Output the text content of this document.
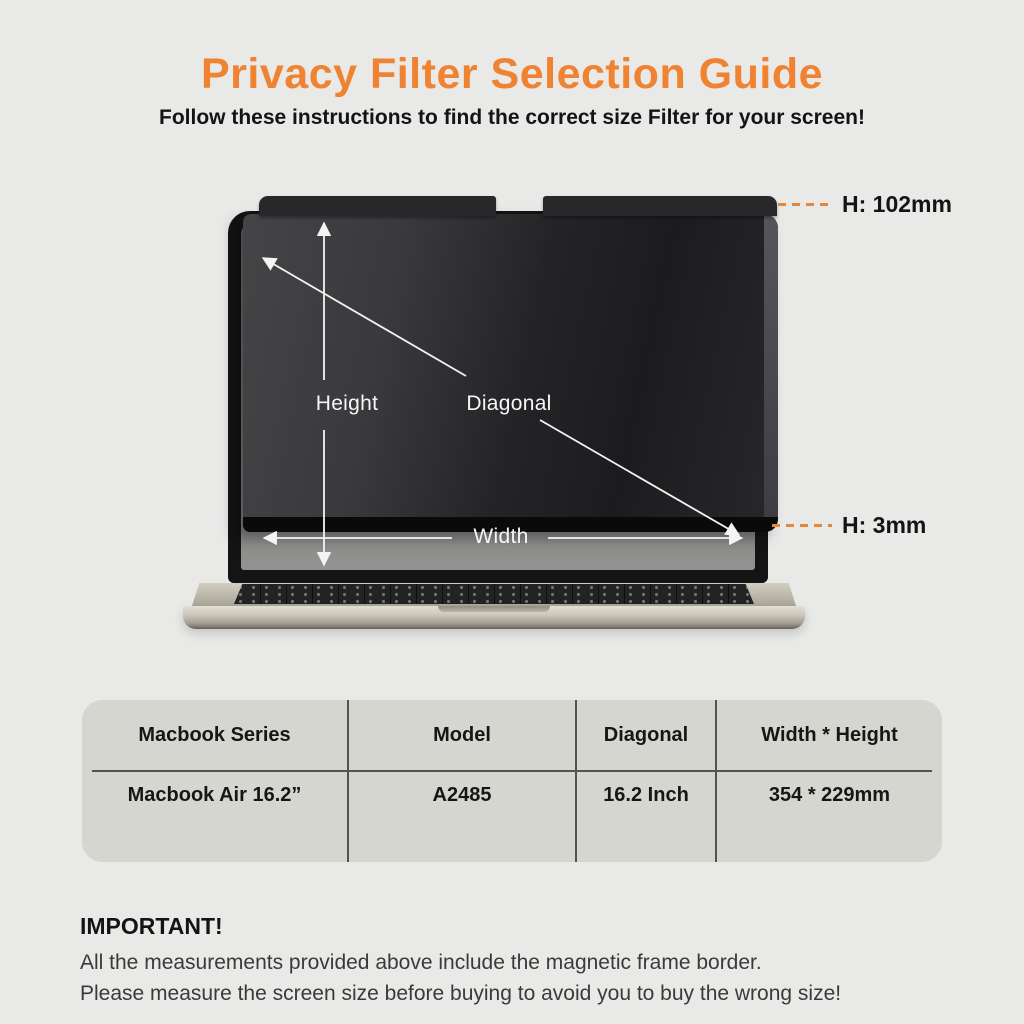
Privacy Filter Selection Guide
Follow these instructions to find the correct size Filter for your screen!
Height	Diagonal
Width
H: 102mm
H: 3mm
Macbook Series	Model	Diagonal	Width * Height
Macbook Air 16.2”	A2485	16.2 Inch	354 * 229mm
IMPORTANT!
All the measurements provided above include the magnetic frame border.
Please measure the screen size before buying to avoid you to buy the wrong size!
